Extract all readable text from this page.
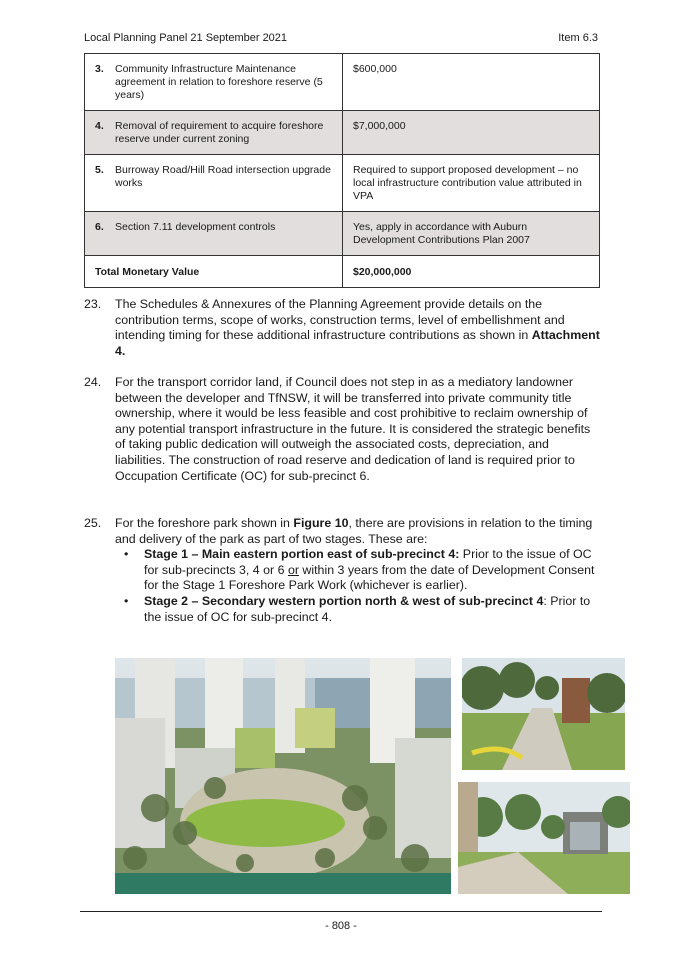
Local Planning Panel 21 September 2021	Item 6.3
3. Community Infrastructure Maintenance agreement in relation to foreshore reserve (5 years)	$600,000
4. Removal of requirement to acquire foreshore reserve under current zoning	$7,000,000
5. Burroway Road/Hill Road intersection upgrade works	Required to support proposed development – no local infrastructure contribution value attributed in VPA
6. Section 7.11 development controls	Yes, apply in accordance with Auburn Development Contributions Plan 2007
Total Monetary Value	$20,000,000
23. The Schedules & Annexures of the Planning Agreement provide details on the contribution terms, scope of works, construction terms, level of embellishment and intending timing for these additional infrastructure contributions as shown in Attachment 4.
24. For the transport corridor land, if Council does not step in as a mediatory landowner between the developer and TfNSW, it will be transferred into private community title ownership, where it would be less feasible and cost prohibitive to reclaim ownership of any potential transport infrastructure in the future. It is considered the strategic benefits of taking public dedication will outweigh the associated costs, depreciation, and liabilities. The construction of road reserve and dedication of land is required prior to Occupation Certificate (OC) for sub-precinct 6.
25. For the foreshore park shown in Figure 10, there are provisions in relation to the timing and delivery of the park as part of two stages. These are:
• Stage 1 – Main eastern portion east of sub-precinct 4: Prior to the issue of OC for sub-precincts 3, 4 or 6 or within 3 years from the date of Development Consent for the Stage 1 Foreshore Park Work (whichever is earlier).
• Stage 2 – Secondary western portion north & west of sub-precinct 4: Prior to the issue of OC for sub-precinct 4.
- 808 -
